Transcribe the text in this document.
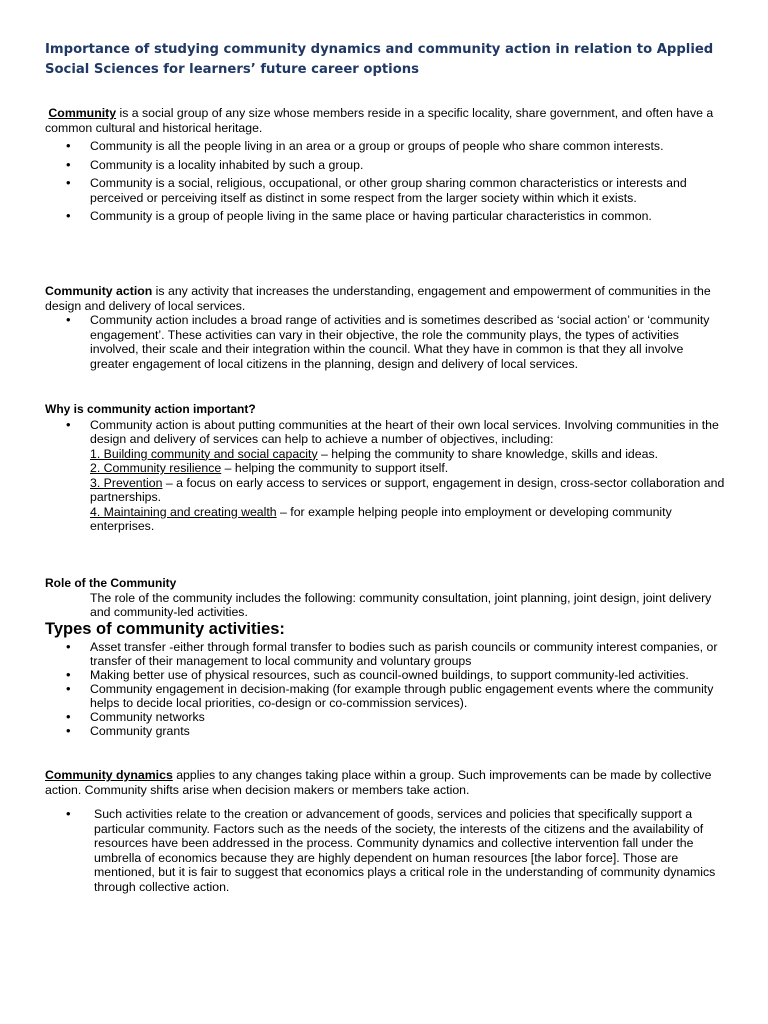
Importance of studying community dynamics and community action in relation to Applied Social Sciences for learners’ future career options
Community is a social group of any size whose members reside in a specific locality, share government, and often have a common cultural and historical heritage.
• Community is all the people living in an area or a group or groups of people who share common interests.
• Community is a locality inhabited by such a group.
• Community is a social, religious, occupational, or other group sharing common characteristics or interests and perceived or perceiving itself as distinct in some respect from the larger society within which it exists.
• Community is a group of people living in the same place or having particular characteristics in common.
Community action is any activity that increases the understanding, engagement and empowerment of communities in the design and delivery of local services.
• Community action includes a broad range of activities and is sometimes described as ‘social action’ or ‘community engagement’. These activities can vary in their objective, the role the community plays, the types of activities involved, their scale and their integration within the council. What they have in common is that they all involve greater engagement of local citizens in the planning, design and delivery of local services.
Why is community action important?
• Community action is about putting communities at the heart of their own local services. Involving communities in the design and delivery of services can help to achieve a number of objectives, including:
1. Building community and social capacity – helping the community to share knowledge, skills and ideas.
2. Community resilience – helping the community to support itself.
3. Prevention – a focus on early access to services or support, engagement in design, cross-sector collaboration and partnerships.
4. Maintaining and creating wealth – for example helping people into employment or developing community enterprises.
Role of the Community
The role of the community includes the following: community consultation, joint planning, joint design, joint delivery and community-led activities.
Types of community activities:
• Asset transfer -either through formal transfer to bodies such as parish councils or community interest companies, or transfer of their management to local community and voluntary groups
• Making better use of physical resources, such as council-owned buildings, to support community-led activities.
• Community engagement in decision-making (for example through public engagement events where the community helps to decide local priorities, co-design or co-commission services).
• Community networks
• Community grants
Community dynamics applies to any changes taking place within a group. Such improvements can be made by collective action. Community shifts arise when decision makers or members take action.
• Such activities relate to the creation or advancement of goods, services and policies that specifically support a particular community. Factors such as the needs of the society, the interests of the citizens and the availability of resources have been addressed in the process. Community dynamics and collective intervention fall under the umbrella of economics because they are highly dependent on human resources [the labor force]. Those are mentioned, but it is fair to suggest that economics plays a critical role in the understanding of community dynamics through collective action.
